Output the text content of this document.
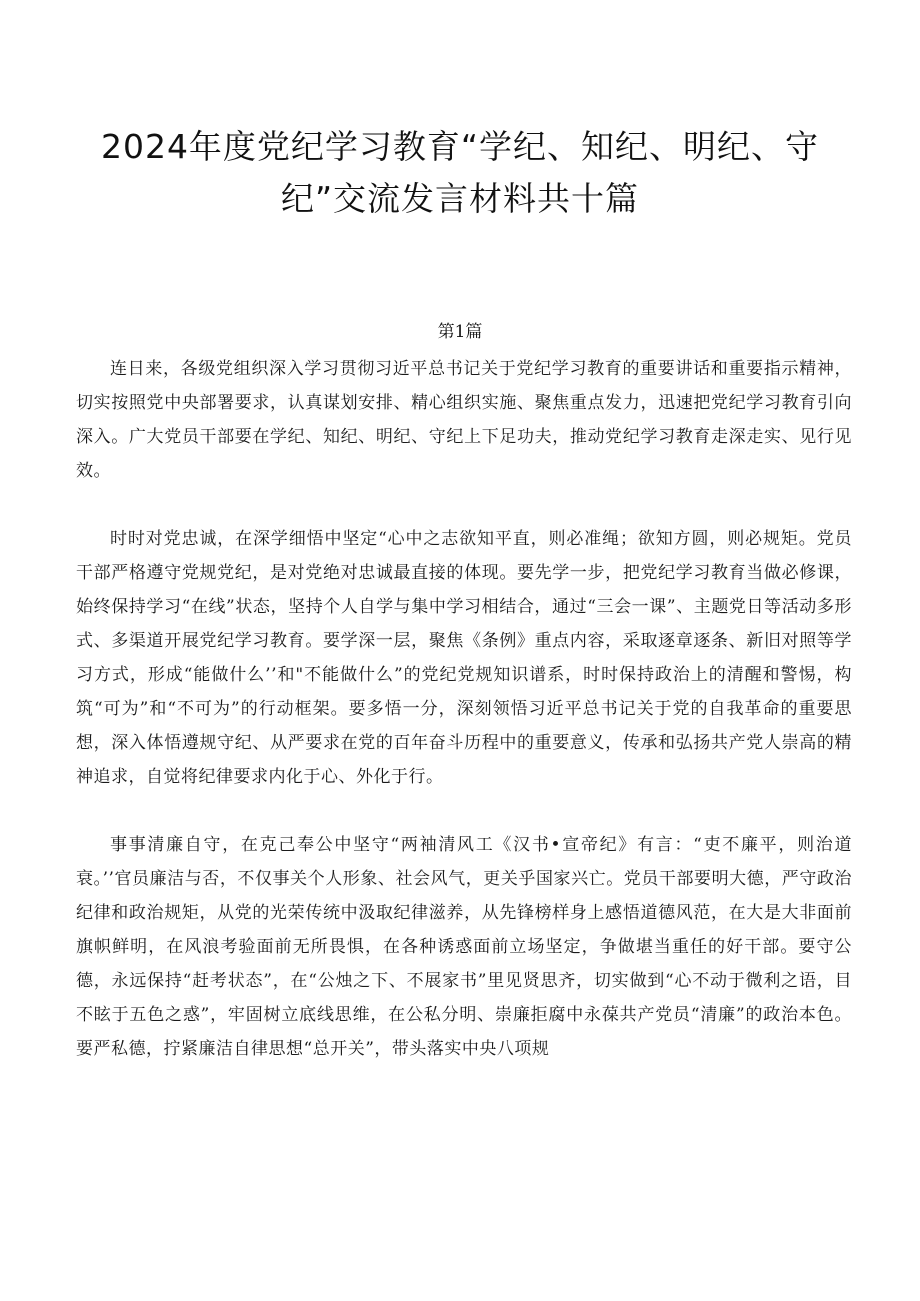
2024年度党纪学习教育“学纪、知纪、明纪、守
纪”交流发言材料共十篇
第1篇

连日来，各级党组织深入学习贯彻习近平总书记关于党纪学习教育的重要讲话和重要指示精神，切实按照党中央部署要求，认真谋划安排、精心组织实施、聚焦重点发力，迅速把党纪学习教育引向深入。广大党员干部要在学纪、知纪、明纪、守纪上下足功夫，推动党纪学习教育走深走实、见行见效。

时时对党忠诚，在深学细悟中坚定“心中之志欲知平直，则必准绳；欲知方圆，则必规矩。党员干部严格遵守党规党纪，是对党绝对忠诚最直接的体现。要先学一步，把党纪学习教育当做必修课，始终保持学习“在线”状态，坚持个人自学与集中学习相结合，通过“三会一课”、主题党日等活动多形式、多渠道开展党纪学习教育。要学深一层，聚焦《条例》重点内容，采取逐章逐条、新旧对照等学习方式，形成“能做什么’’和"不能做什么”的党纪党规知识谱系，时时保持政治上的清醒和警惕，构筑“可为”和“不可为”的行动框架。要多悟一分，深刻领悟习近平总书记关于党的自我革命的重要思想，深入体悟遵规守纪、从严要求在党的百年奋斗历程中的重要意义，传承和弘扬共产党人崇高的精神追求，自觉将纪律要求内化于心、外化于行。

事事清廉自守，在克己奉公中坚守“两袖清风工《汉书•宣帝纪》有言：“吏不廉平，则治道衰。’’官员廉洁与否，不仅事关个人形象、社会风气，更关乎国家兴亡。党员干部要明大德，严守政治纪律和政治规矩，从党的光荣传统中汲取纪律滋养，从先锋榜样身上感悟道德风范，在大是大非面前旗帜鲜明，在风浪考验面前无所畏惧，在各种诱惑面前立场坚定，争做堪当重任的好干部。要守公德，永远保持“赶考状态”，在“公烛之下、不展家书”里见贤思齐，切实做到“心不动于微利之语，目不眩于五色之惑”，牢固树立底线思维，在公私分明、崇廉拒腐中永葆共产党员“清廉”的政治本色。要严私德，拧紧廉洁自律思想“总开关”，带头落实中央八项规
